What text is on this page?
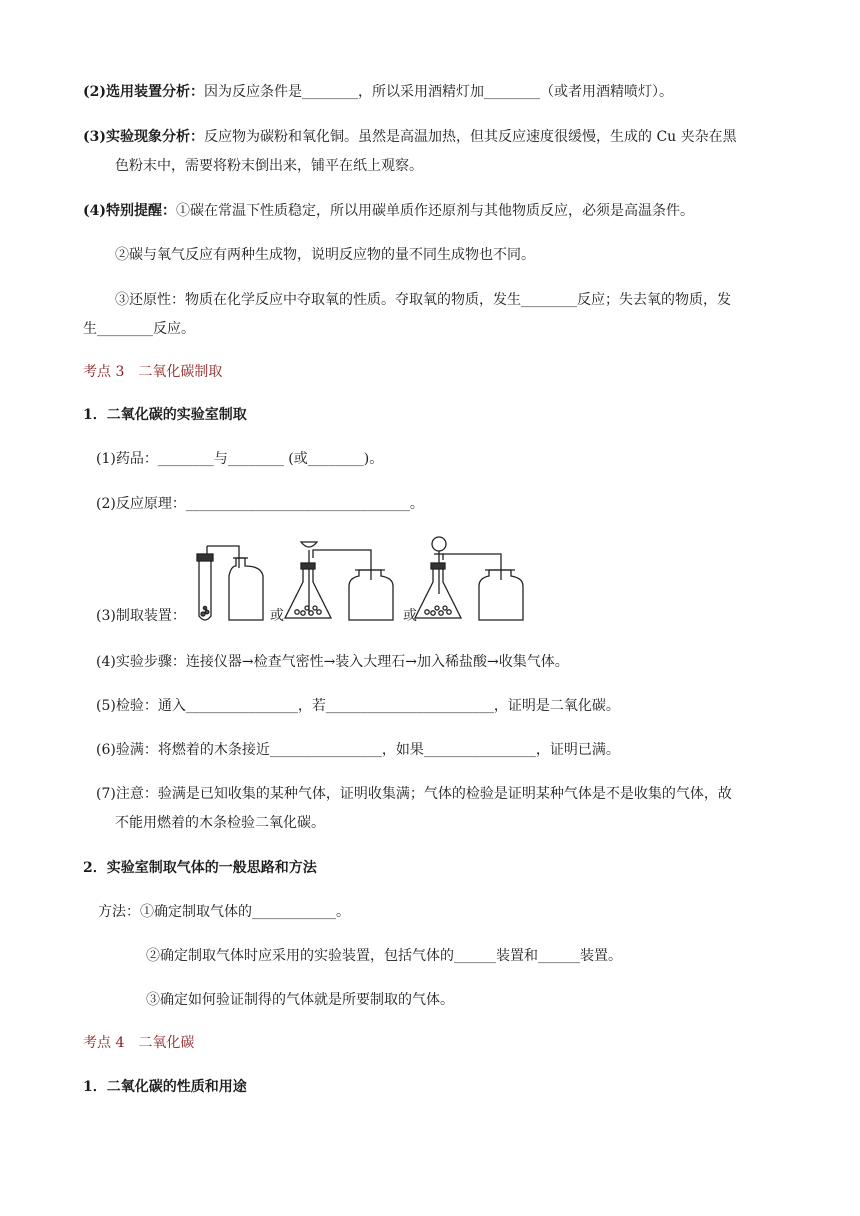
(2)选用装置分析：因为反应条件是________，所以采用酒精灯加________（或者用酒精喷灯）。
(3)实验现象分析：反应物为碳粉和氧化铜。虽然是高温加热，但其反应速度很缓慢，生成的 Cu 夹杂在黑
色粉末中，需要将粉末倒出来，铺平在纸上观察。
(4)特别提醒：①碳在常温下性质稳定，所以用碳单质作还原剂与其他物质反应，必须是高温条件。
②碳与氧气反应有两种生成物，说明反应物的量不同生成物也不同。
③还原性：物质在化学反应中夺取氧的性质。夺取氧的物质，发生________反应；失去氧的物质，发
生________反应。
考点 3　二氧化碳制取
1．二氧化碳的实验室制取
(1)药品：________与________ (或________)。
(2)反应原理：________________________________。
(3)制取装置：	或	或
(4)实验步骤：连接仪器→检查气密性→装入大理石→加入稀盐酸→收集气体。
(5)检验：通入________________，若________________________，证明是二氧化碳。
(6)验满：将燃着的木条接近________________，如果________________，证明已满。
(7)注意：验满是已知收集的某种气体，证明收集满；气体的检验是证明某种气体是不是收集的气体，故
不能用燃着的木条检验二氧化碳。
2．实验室制取气体的一般思路和方法
方法：①确定制取气体的____________。
②确定制取气体时应采用的实验装置，包括气体的______装置和______装置。
③确定如何验证制得的气体就是所要制取的气体。
考点 4　二氧化碳
1．二氧化碳的性质和用途
